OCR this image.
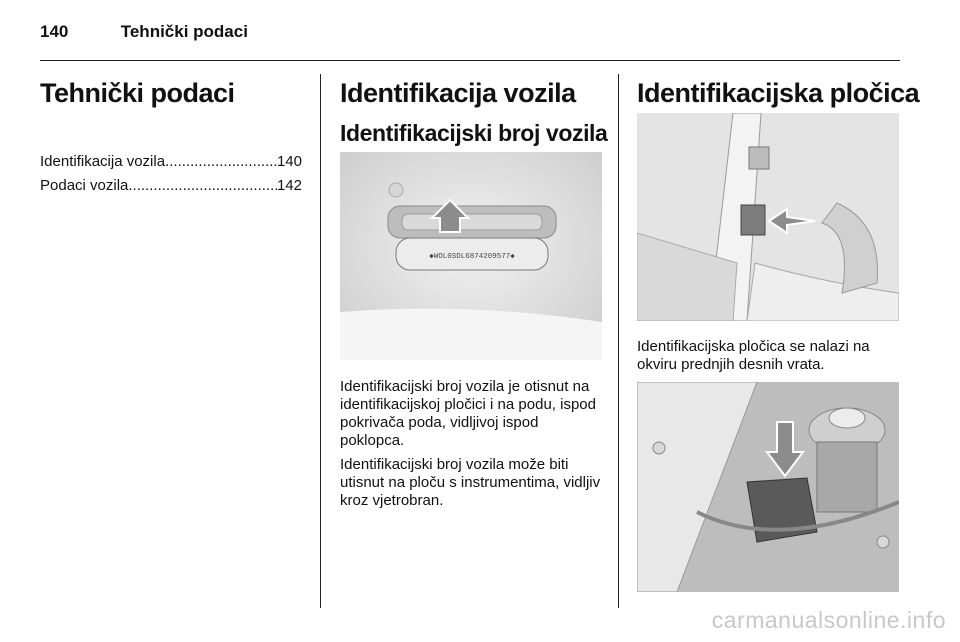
140	Tehnički podaci
Tehnički podaci
Identifikacija vozila .....	140
Podaci vozila .....	142
Identifikacija vozila
Identifikacijski broj vozila
◆WOL0SDL6874209577◆
Identifikacijski broj vozila je otisnut na identifikacijskoj pločici i na podu, ispod pokrivača poda, vidljivoj ispod poklopca.
Identifikacijski broj vozila može biti utisnut na ploču s instrumentima, vidljiv kroz vjetrobran.
Identifikacijska pločica
Identifikacijska pločica se nalazi na okviru prednjih desnih vrata.
carmanualsonline.info
